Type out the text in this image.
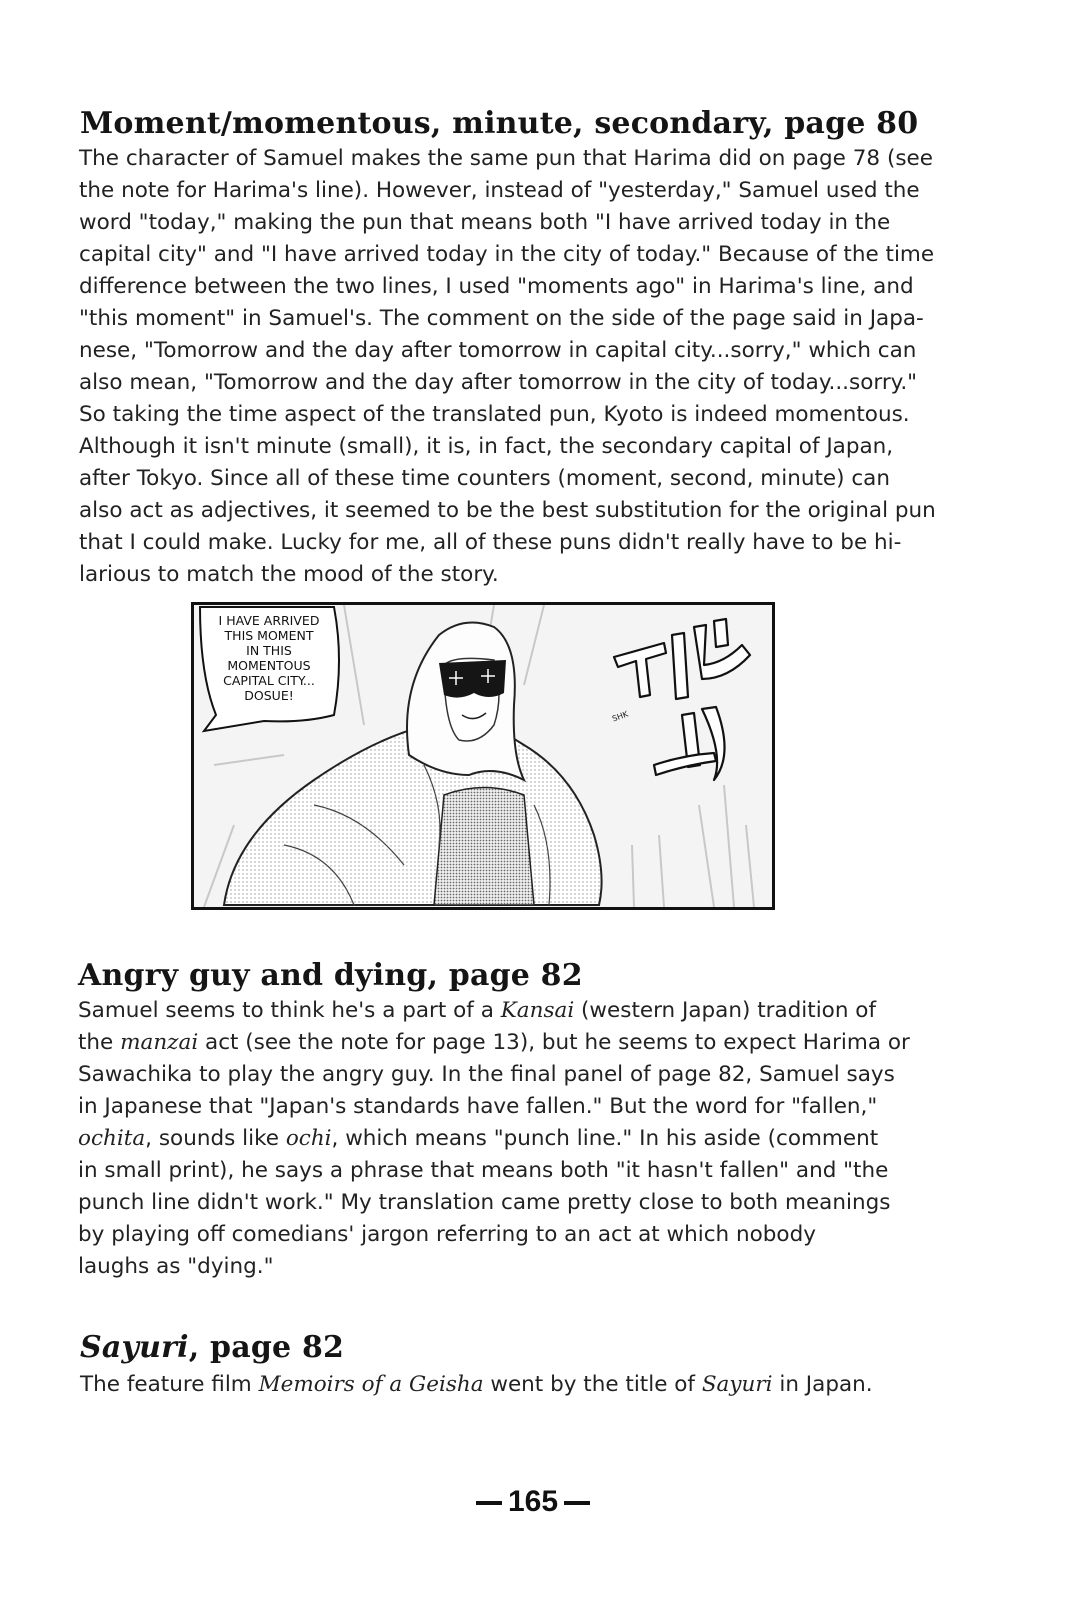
Moment/momentous, minute, secondary, page 80
The character of Samuel makes the same pun that Harima did on page 78 (see
the note for Harima's line). However, instead of "yesterday," Samuel used the
word "today," making the pun that means both "I have arrived today in the
capital city" and "I have arrived today in the city of today." Because of the time
difference between the two lines, I used "moments ago" in Harima's line, and
"this moment" in Samuel's. The comment on the side of the page said in Japa-
nese, "Tomorrow and the day after tomorrow in capital city...sorry," which can
also mean, "Tomorrow and the day after tomorrow in the city of today...sorry."
So taking the time aspect of the translated pun, Kyoto is indeed momentous.
Although it isn't minute (small), it is, in fact, the secondary capital of Japan,
after Tokyo. Since all of these time counters (moment, second, minute) can
also act as adjectives, it seemed to be the best substitution for the original pun
that I could make. Lucky for me, all of these puns didn't really have to be hi-
larious to match the mood of the story.
I HAVE ARRIVED
THIS MOMENT
IN THIS
MOMENTOUS
CAPITAL CITY...
DOSUE!
SHK
Angry guy and dying, page 82
Samuel seems to think he's a part of a Kansai (western Japan) tradition of
the manzai act (see the note for page 13), but he seems to expect Harima or
Sawachika to play the angry guy. In the final panel of page 82, Samuel says
in Japanese that "Japan's standards have fallen." But the word for "fallen,"
ochita, sounds like ochi, which means "punch line." In his aside (comment
in small print), he says a phrase that means both "it hasn't fallen" and "the
punch line didn't work." My translation came pretty close to both meanings
by playing off comedians' jargon referring to an act at which nobody
laughs as "dying."
Sayuri, page 82
The feature film Memoirs of a Geisha went by the title of Sayuri in Japan.
165
